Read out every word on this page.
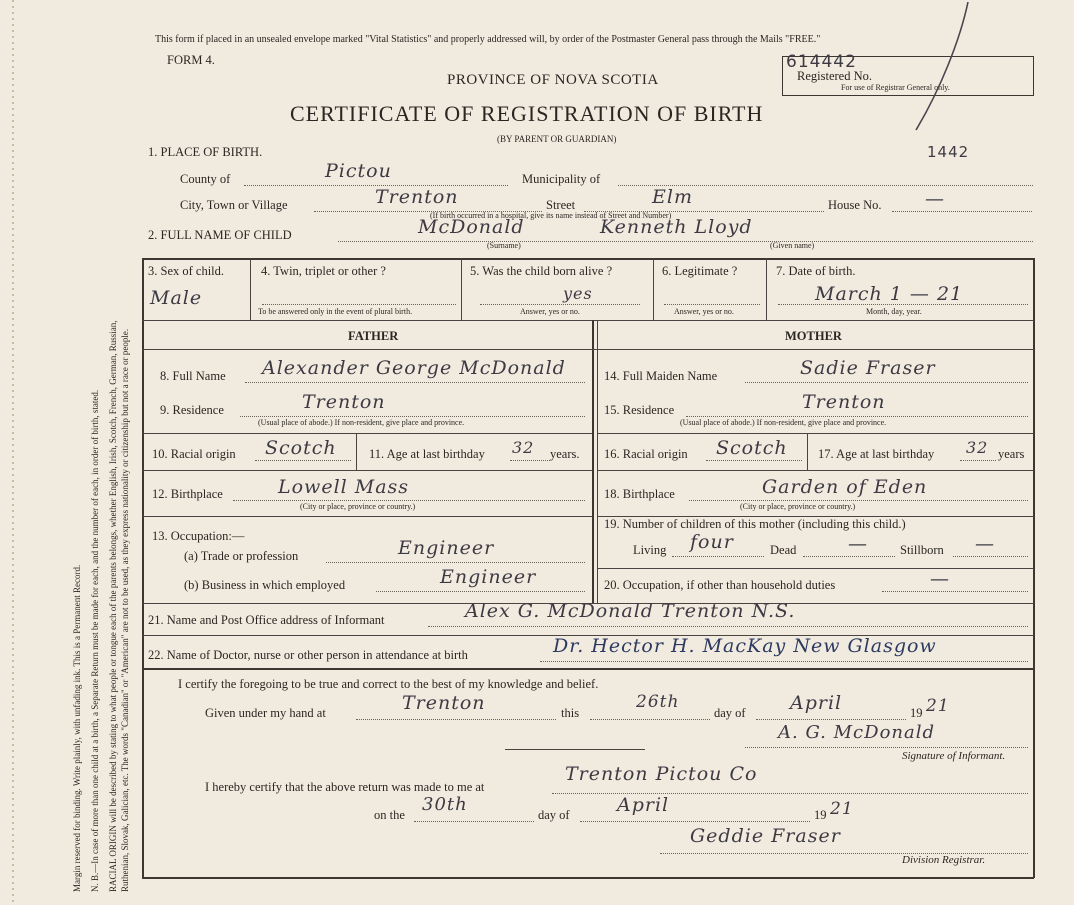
Margin reserved for binding. Write plainly, with unfading ink. This is a Permanent Record. N. B.—In case of more than one child at a birth, a Separate Return must be made for each, and the number of each, in order of birth, stated. RACIAL ORIGIN will be described by stating to what people or tongue each of the parents belongs, whether English, Irish, Scotch, French, German, Russian, Ruthenian, Slovak, Galician, etc. The words "Canadian" or "American" are not to be used, as they express nationality or citizenship but not a race or people.
This form if placed in an unsealed envelope marked "Vital Statistics" and properly addressed will, by order of the Postmaster General pass through the Mails "FREE."
FORM 4.
PROVINCE OF NOVA SCOTIA
CERTIFICATE OF REGISTRATION OF BIRTH
(BY PARENT OR GUARDIAN)
614442
Registered No.
For use of Registrar General only.
1442
1. PLACE OF BIRTH.
County of	Pictou	Municipality of
City, Town or Village	Trenton	Street	Elm	House No. —
(If birth occurred in a hospital, give its name instead of Street and Number)
2. FULL NAME OF CHILD	McDonald	Kenneth Lloyd
(Surname)	(Given name)
3. Sex of child.
Male
4. Twin, triplet or other ?
To be answered only in the event of plural birth.
5. Was the child born alive ?
yes
Answer, yes or no.
6. Legitimate ?
Answer, yes or no.
7. Date of birth.
March 1 — 21
Month, day, year.
FATHER	MOTHER
8. Full Name Alexander George McDonald
9. Residence	Trenton
(Usual place of abode.) If non-resident, give place and province.
10. Racial origin Scotch	11. Age at last birthday 32 years.
12. Birthplace	Lowell Mass
(City or place, province or country.)
13. Occupation:—
(a) Trade or profession	Engineer
(b) Business in which employed	Engineer
14. Full Maiden Name	Sadie Fraser
15. Residence	Trenton
(Usual place of abode.) If non-resident, give place and province.
16. Racial origin Scotch 17. Age at last birthday 32 years
18. Birthplace	Garden of Eden
(City or place, province or country.)
19. Number of children of this mother (including this child.)
Living four	Dead	—	Stillborn —
20. Occupation, if other than household duties	—
21. Name and Post Office address of Informant	Alex G. McDonald Trenton N.S.
22. Name of Doctor, nurse or other person in attendance at birth	Dr. Hector H. MacKay New Glasgow
I certify the foregoing to be true and correct to the best of my knowledge and belief.
Given under my hand at	Trenton	this
26th
day of April	19 21
A. G. McDonald
Signature of Informant.
I hereby certify that the above return was made to me at
Trenton Pictou Co
on the 30th	day of April	19 21
Geddie Fraser
Division Registrar.
